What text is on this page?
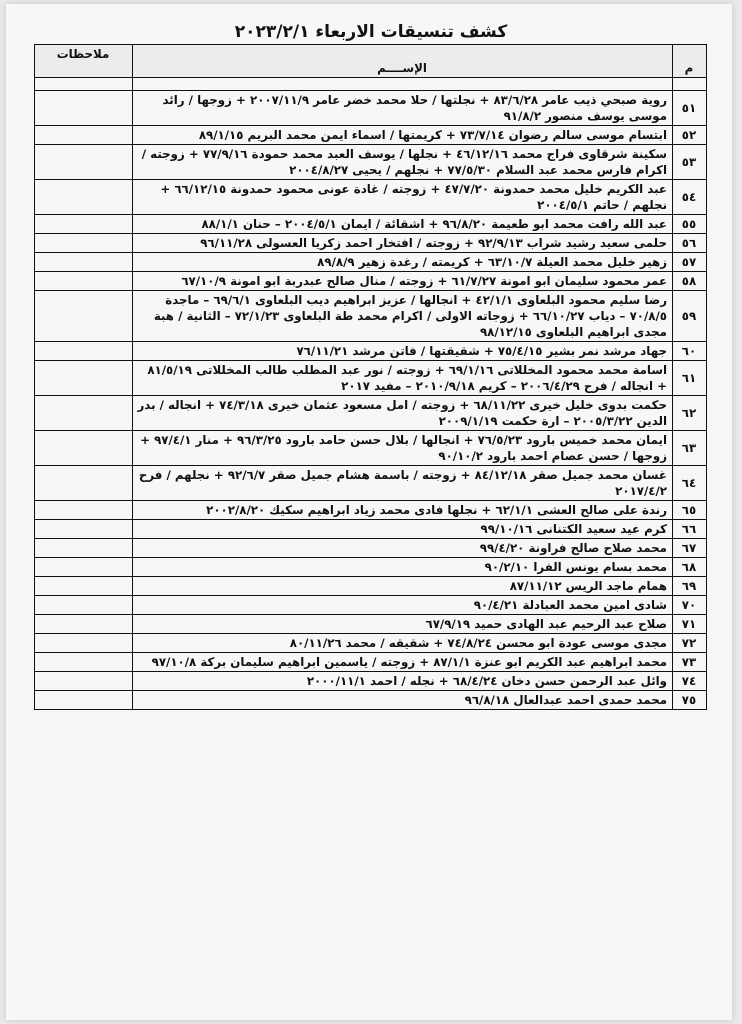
كشف تنسيقات الاربعاء ٢٠٢٣/٢/١
م	الإســــم	ملاحظات

٥١	روية صبحي ذيب عامر ٨٣/٦/٢٨ + نجلتها / حلا محمد خضر عامر ٢٠٠٧/١١/٩ + زوجها / رائد موسى يوسف منصور ٩١/٨/٢	
٥٢	ابتسام موسى سالم رضوان ٧٣/٧/١٤ + كريمتها / اسماء ايمن محمد البريم ٨٩/١/١٥	
٥٣	سكينة شرقاوى فراج محمد ٤٦/١٢/١٦ + نجلها / يوسف العبد محمد حمودة ٧٧/٩/١٦ + زوجته / اكرام فارس محمد عبد السلام ٧٧/٥/٣٠ + نجلهم / يحيى ٢٠٠٤/٨/٢٧	
٥٤	عبد الكريم خليل محمد حمدونة ٤٧/٧/٢٠ + زوجته / غادة عونى محمود حمدونة ٦٦/١٢/١٥ + نجلهم / حاتم ٢٠٠٤/٥/١	
٥٥	عبد الله رافت محمد ابو طعيمة ٩٦/٨/٢٠ + اشقائة / ايمان ٢٠٠٤/٥/١ – حنان ٨٨/١/١	
٥٦	حلمى سعيد رشيد شراب ٩٢/٩/١٣ + زوجته / افتخار احمد زكريا العسولى ٩٦/١١/٢٨	
٥٧	زهير خليل محمد العيلة ٦٣/١٠/٧ + كريمته / رغدة زهير ٨٩/٨/٩	
٥٨	عمر محمود سليمان ابو امونة ٦١/٧/٢٧ + زوجته / منال صالح عبدربة ابو امونة ٦٧/١٠/٩	
٥٩	رضا سليم محمود البلعاوى ٤٢/١/١ + انجالها / عزيز ابراهيم ديب البلعاوى ٦٩/٦/١ – ماجدة ٧٠/٨/٥ – دياب ٦٦/١٠/٢٧ + زوجاته الاولى / اكرام محمد طة البلعاوى ٧٢/١/٢٣ – الثانية / هبة مجدى ابراهيم البلعاوى ٩٨/١٢/١٥	
٦٠	جهاد مرشد نمر بشير ٧٥/٤/١٥ + شقيقتها / فاتن مرشد ٧٦/١١/٢١	
٦١	اسامة محمد محمود المخللاتى ٦٩/١/١٦ + زوجته / نور عبد المطلب طالب المخللاتى ٨١/٥/١٩ + انجاله / فرح ٢٠٠٦/٤/٢٩ – كريم ٢٠١٠/٩/١٨ – مفيد ٢٠١٧	
٦٢	حكمت بدوى خليل خيرى ٦٨/١١/٢٢ + زوجته / امل مسعود عثمان خيرى ٧٤/٣/١٨ + انجاله / بدر الدين ٢٠٠٥/٣/٢٢ – ارة حكمت ٢٠٠٩/١/١٩	
٦٣	ايمان محمد خميس بارود ٧٦/٥/٢٣ + انجالها / بلال حسن حامد بارود ٩٦/٣/٢٥ + منار ٩٧/٤/١ + زوجها / حسن عصام احمد بارود ٩٠/١٠/٢	
٦٤	غسان محمد جميل صقر ٨٤/١٢/١٨ + زوجته / باسمة هشام جميل صقر ٩٢/٦/٧ + نجلهم / فرح ٢٠١٧/٤/٢	
٦٥	رندة على صالح العشى ٦٢/١/١ + نجلها فادى محمد زياد ابراهيم سكيك ٢٠٠٢/٨/٢٠	
٦٦	كرم عيد سعيد الكتنانى ٩٩/١٠/١٦	
٦٧	محمد صلاح صالح فراونة ٩٩/٤/٢٠	
٦٨	محمد بسام يونس الفرا ٩٠/٢/١٠	
٦٩	همام ماجد الريس ٨٧/١١/١٢	
٧٠	شادى امين محمد العبادلة ٩٠/٤/٢١	
٧١	صلاح عبد الرحيم عبد الهادى حميد ٦٧/٩/١٩	
٧٢	مجدى موسى عودة ابو محسن ٧٤/٨/٢٤ + شقيقه / محمد ٨٠/١١/٢٦	
٧٣	محمد ابراهيم عبد الكريم ابو عنزة ٨٧/١/١ + زوجته / ياسمين ابراهيم سليمان بركة ٩٧/١٠/٨	
٧٤	وائل عبد الرحمن حسن دخان ٦٨/٤/٢٤ + نجله / احمد ٢٠٠٠/١١/١	
٧٥	محمد حمدى احمد عبدالعال ٩٦/٨/١٨	
